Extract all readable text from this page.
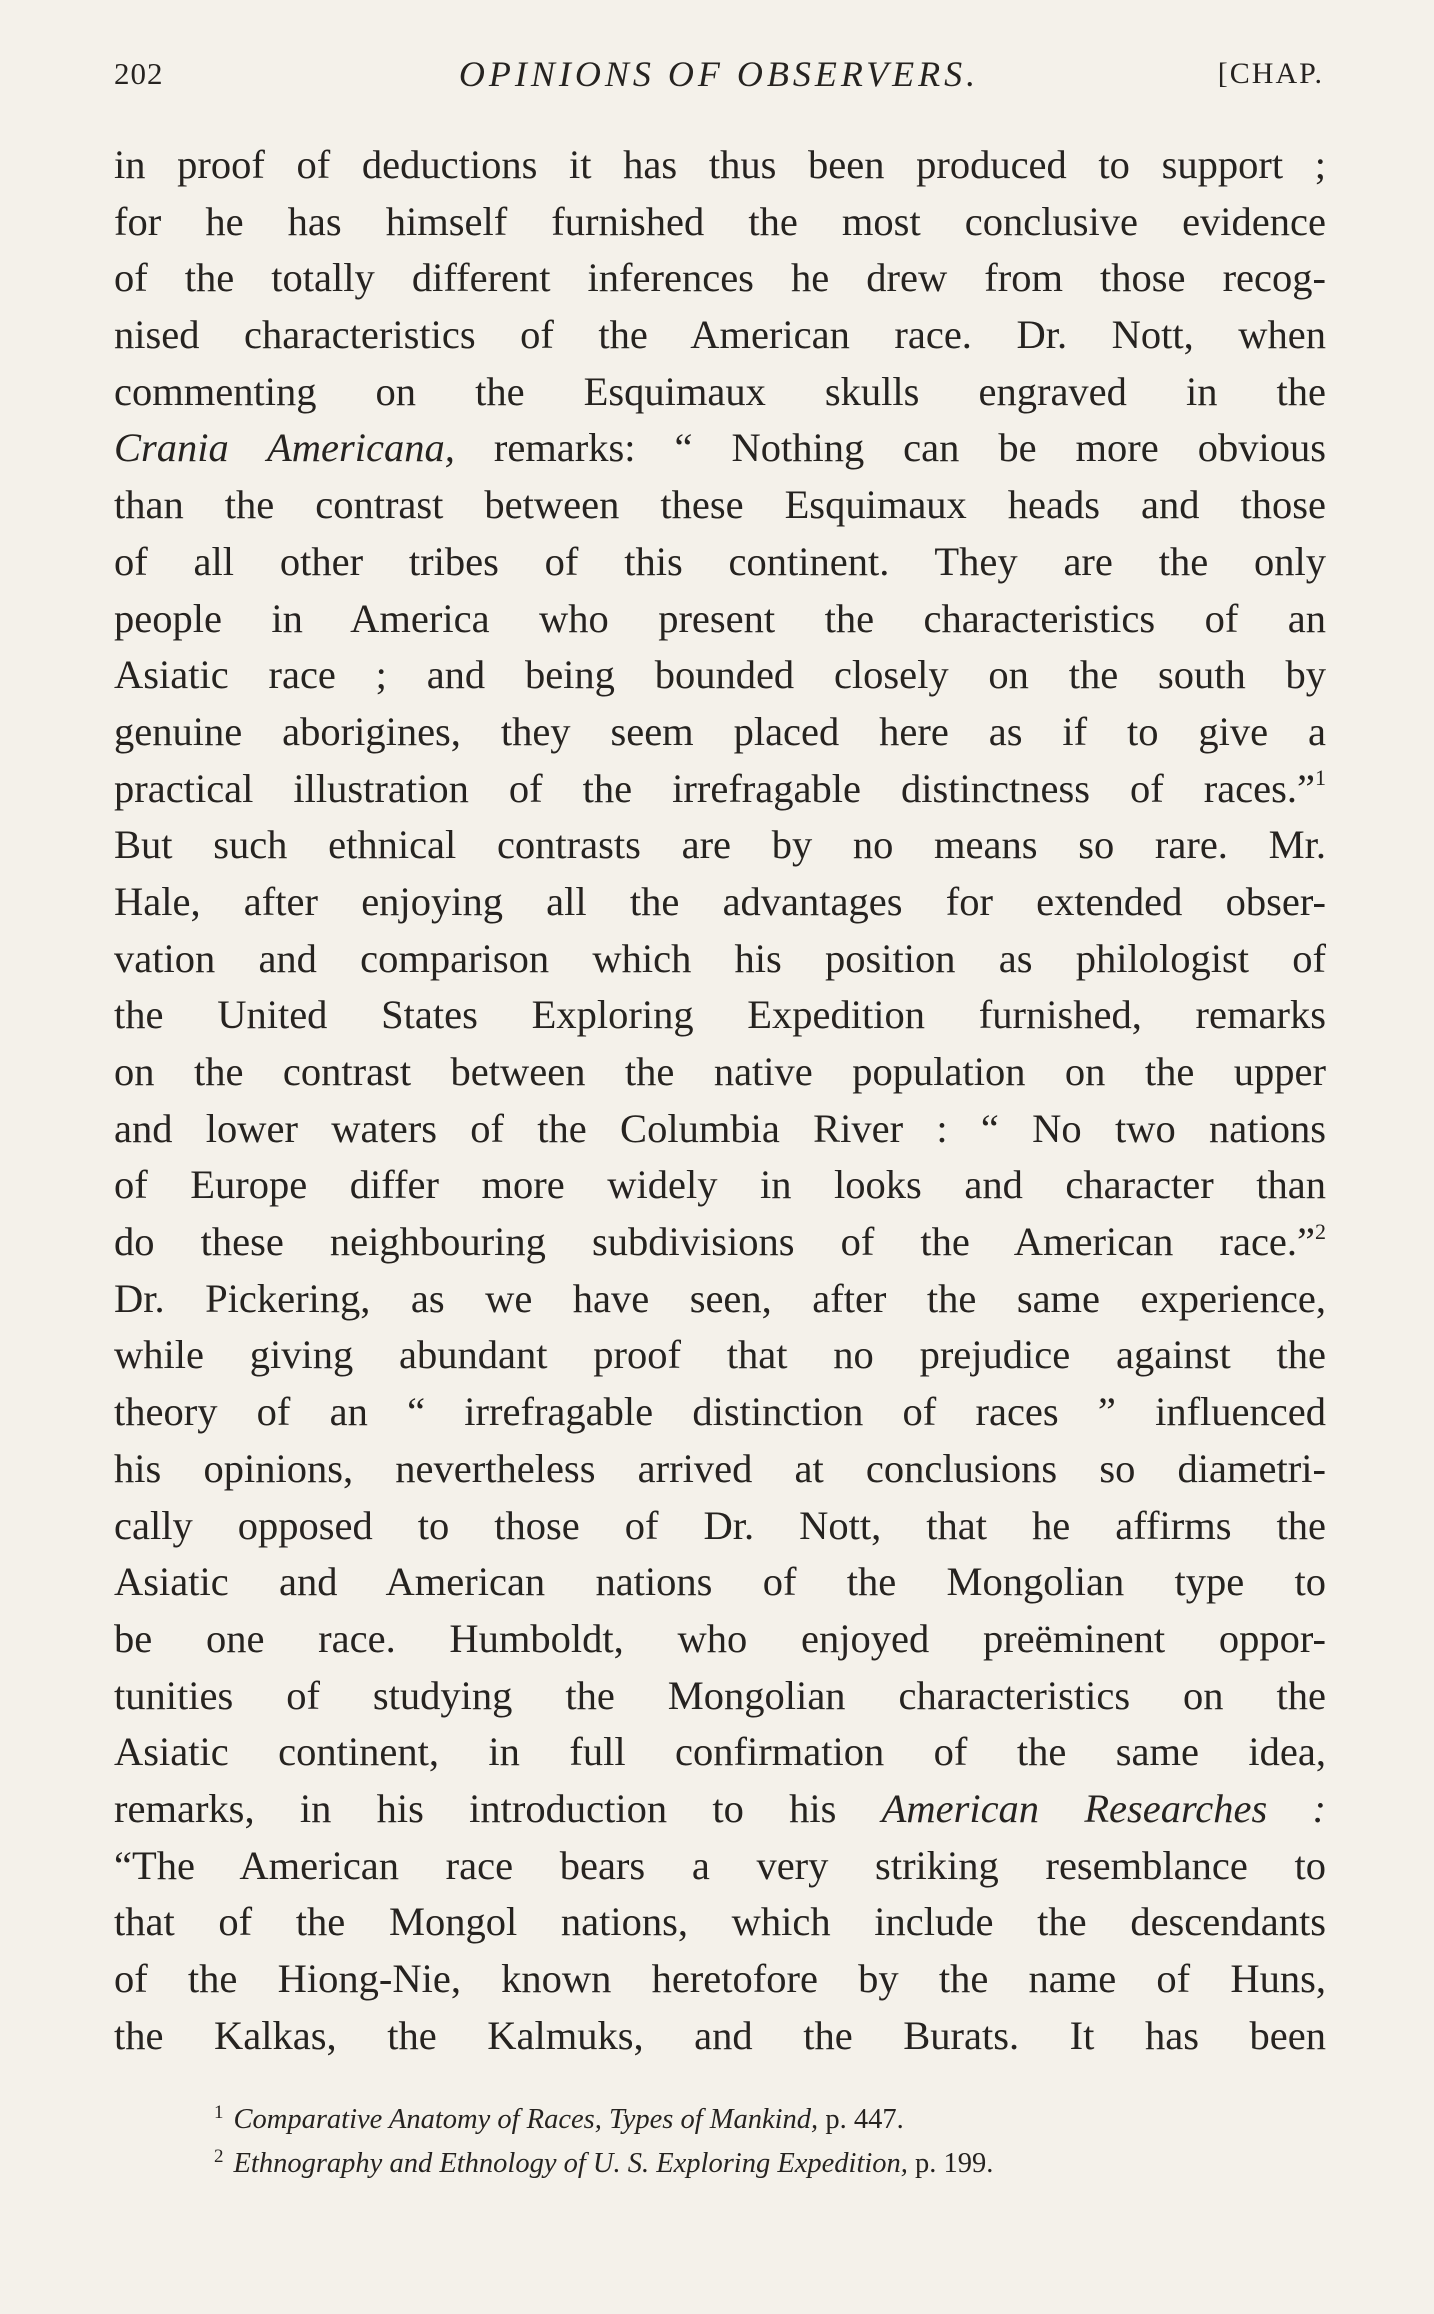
202	OPINIONS OF OBSERVERS.	[CHAP.
in proof of deductions it has thus been produced to support ;
for he has himself furnished the most conclusive evidence
of the totally different inferences he drew from those recog-
nised characteristics of the American race. Dr. Nott, when
commenting on the Esquimaux skulls engraved in the
Crania Americana, remarks: “ Nothing can be more obvious
than the contrast between these Esquimaux heads and those
of all other tribes of this continent. They are the only
people in America who present the characteristics of an
Asiatic race ; and being bounded closely on the south by
genuine aborigines, they seem placed here as if to give a
practical illustration of the irrefragable distinctness of races.”$^1$
But such ethnical contrasts are by no means so rare. Mr.
Hale, after enjoying all the advantages for extended obser-
vation and comparison which his position as philologist of
the United States Exploring Expedition furnished, remarks
on the contrast between the native population on the upper
and lower waters of the Columbia River : “ No two nations
of Europe differ more widely in looks and character than
do these neighbouring subdivisions of the American race.”$^2$
Dr. Pickering, as we have seen, after the same experience,
while giving abundant proof that no prejudice against the
theory of an “ irrefragable distinction of races ” influenced
his opinions, nevertheless arrived at conclusions so diametri-
cally opposed to those of Dr. Nott, that he affirms the
Asiatic and American nations of the Mongolian type to
be one race. Humboldt, who enjoyed preëminent oppor-
tunities of studying the Mongolian characteristics on the
Asiatic continent, in full confirmation of the same idea,
remarks, in his introduction to his American Researches :
“The American race bears a very striking resemblance to
that of the Mongol nations, which include the descendants
of the Hiong-Nie, known heretofore by the name of Huns,
the Kalkas, the Kalmuks, and the Burats. It has been
$^1$ Comparative Anatomy of Races, Types of Mankind, p. 447.
$^2$ Ethnography and Ethnology of U. S. Exploring Expedition, p. 199.
